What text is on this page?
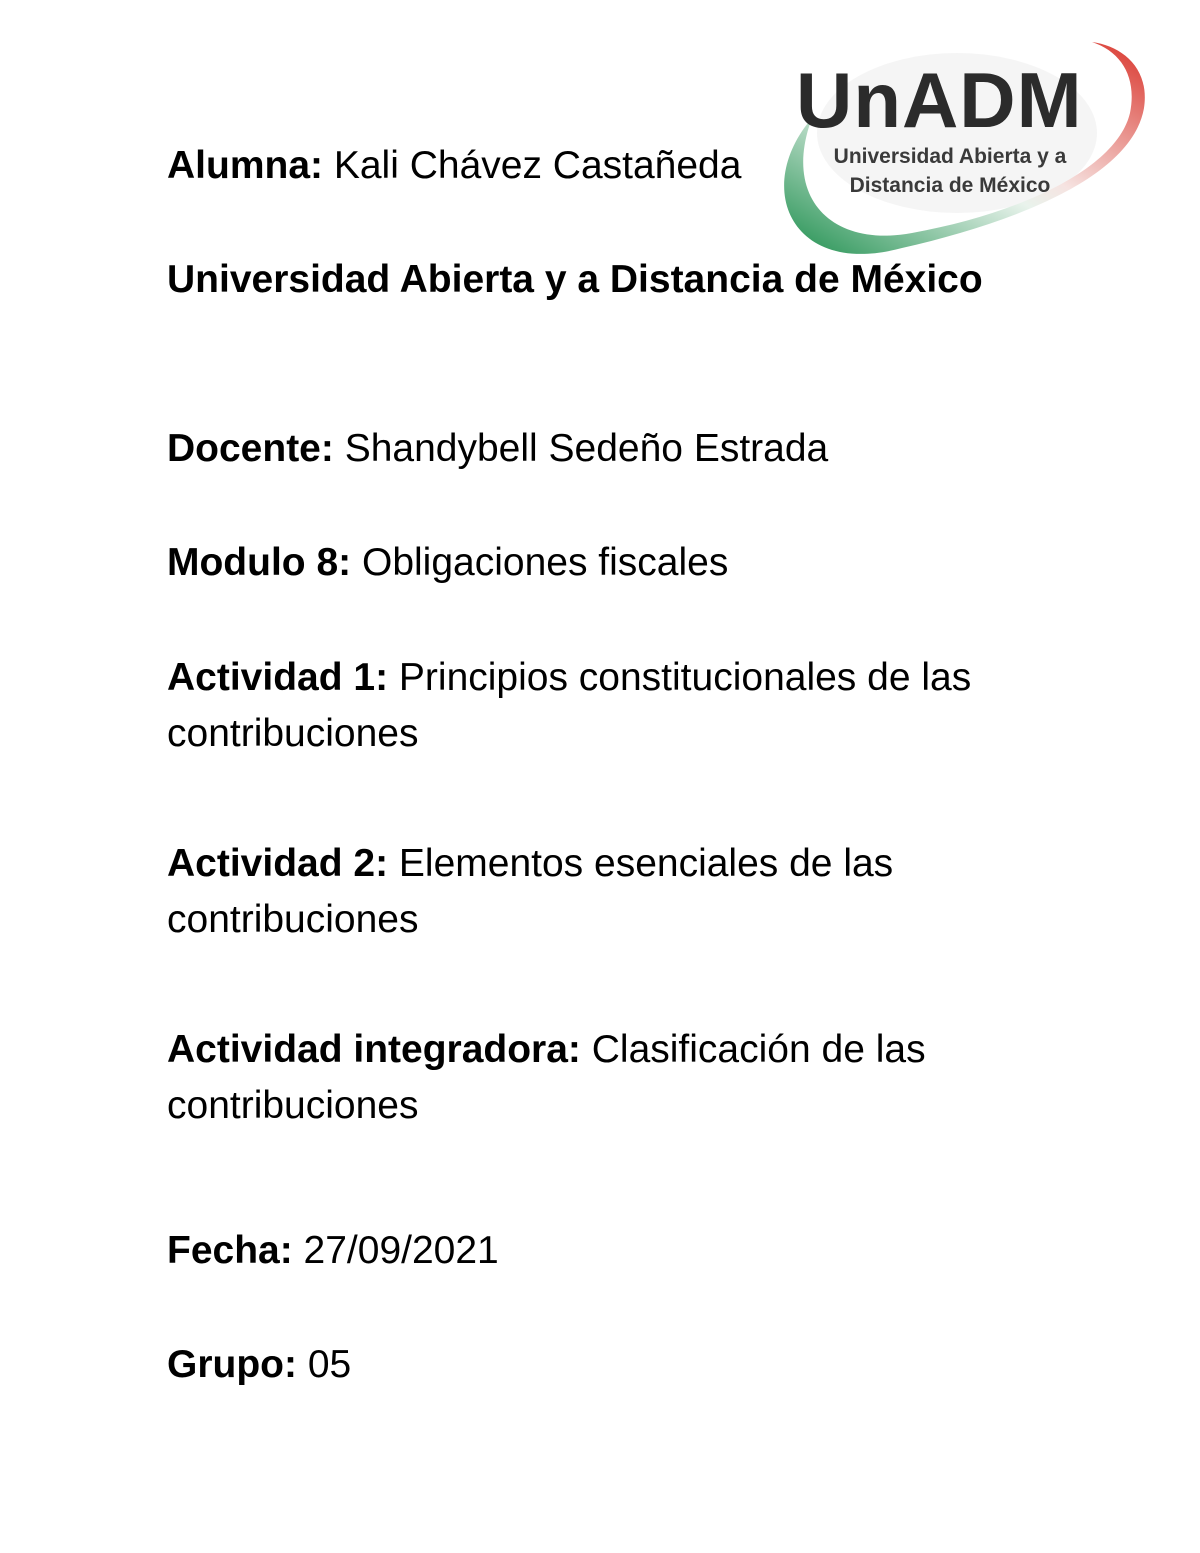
UnADM
Universidad Abierta y a Distancia de México

Alumna: Kali Chávez Castañeda

Universidad Abierta y a Distancia de México

Docente: Shandybell Sedeño Estrada

Modulo 8: Obligaciones fiscales

Actividad 1: Principios constitucionales de las contribuciones

Actividad 2: Elementos esenciales de las contribuciones

Actividad integradora: Clasificación de las contribuciones

Fecha: 27/09/2021

Grupo: 05
